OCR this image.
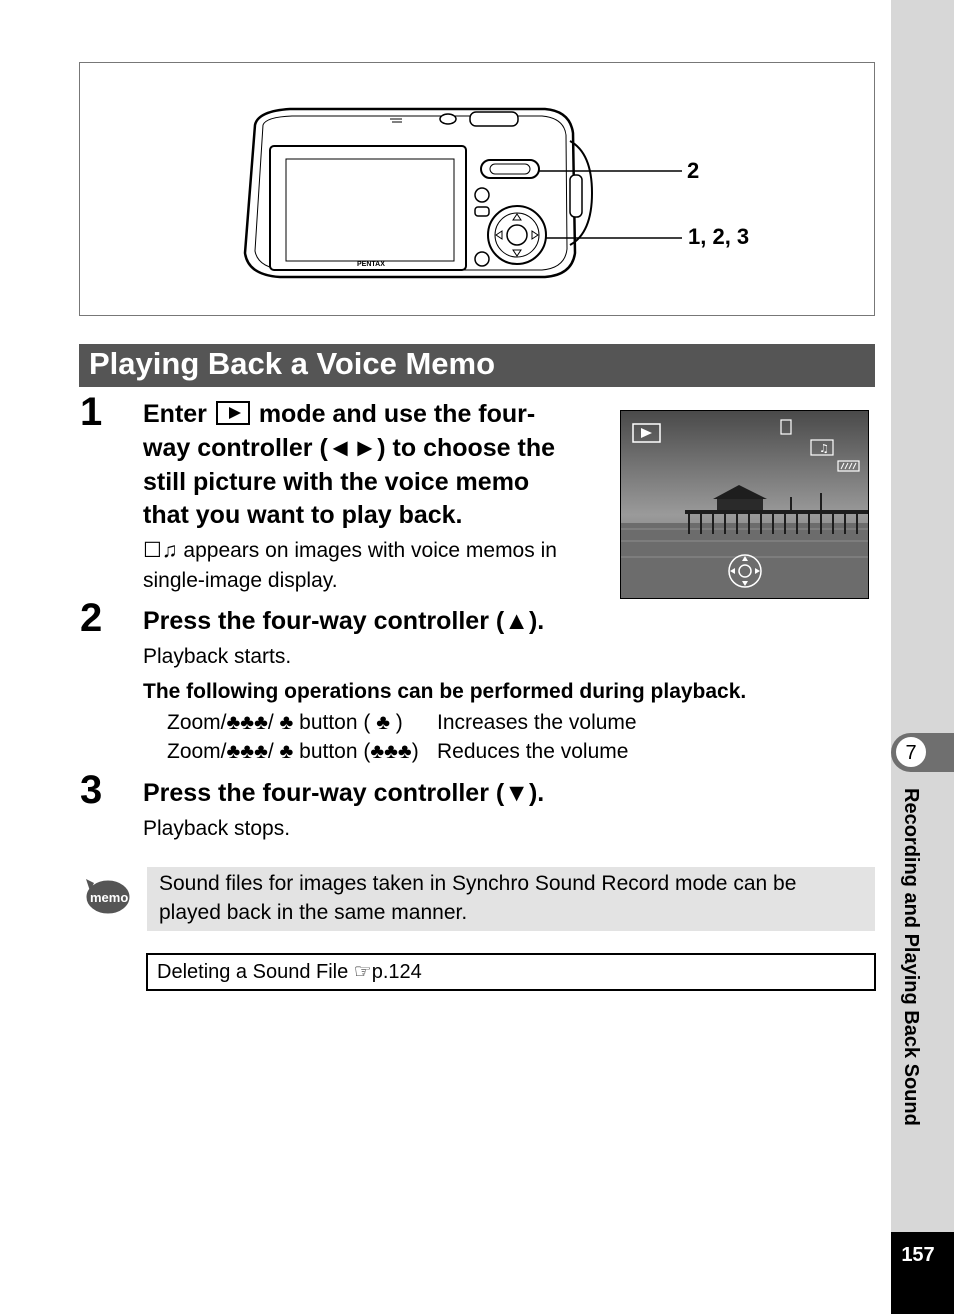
7
Recording and Playing Back Sound
157
PENTAX
2
1, 2, 3
Playing Back a Voice Memo
1 Enter mode and use the four-
way controller (◄►) to choose the
still picture with the voice memo
that you want to play back.
☐♫ appears on images with voice memos in
single-image display.
♫
2 Press the four-way controller (▲).
Playback starts.
The following operations can be performed during playback.
Zoom/♣♣♣/ ♣ button ( ♣ ) Increases the volume
Zoom/♣♣♣/ ♣ button (♣♣♣) Reduces the volume
3 Press the four-way controller (▼).
Playback stops.
memo
Sound files for images taken in Synchro Sound Record mode can be
played back in the same manner.
Deleting a Sound File ☞p.124
